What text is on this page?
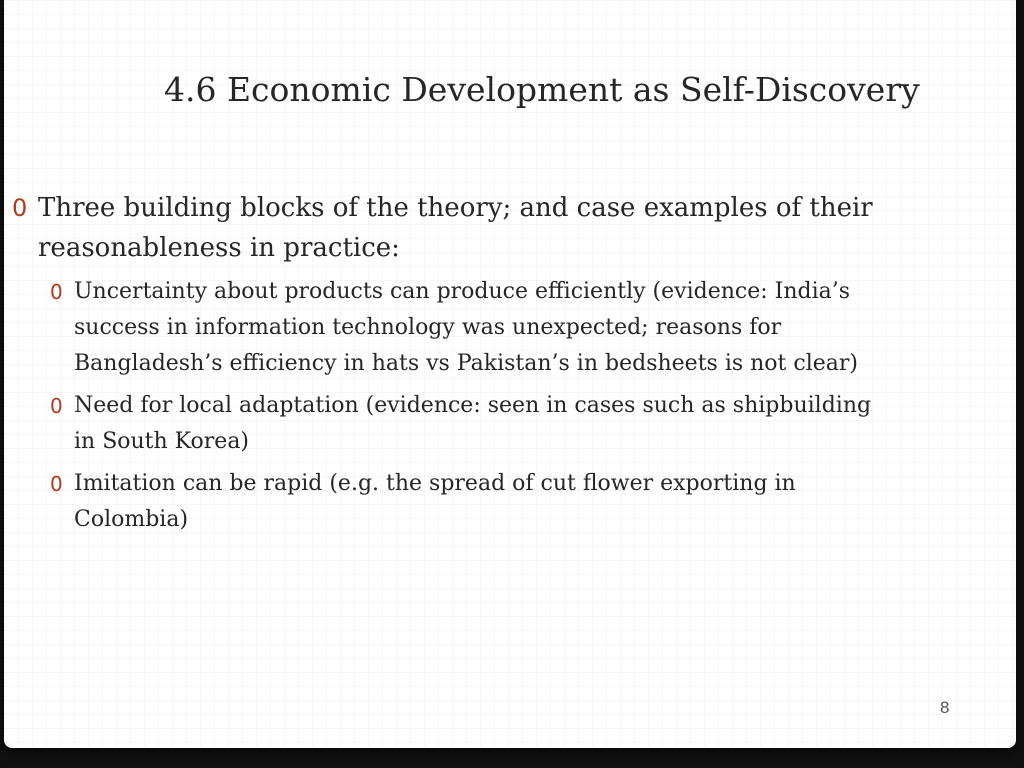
4.6 Economic Development as Self-Discovery
0 Three building blocks of the theory; and case examples of their reasonableness in practice:
0 Uncertainty about products can produce efficiently (evidence: India’s success in information technology was unexpected; reasons for Bangladesh’s efficiency in hats vs Pakistan’s in bedsheets is not clear)
0 Need for local adaptation (evidence: seen in cases such as shipbuilding in South Korea)
0 Imitation can be rapid (e.g. the spread of cut flower exporting in Colombia)
8
